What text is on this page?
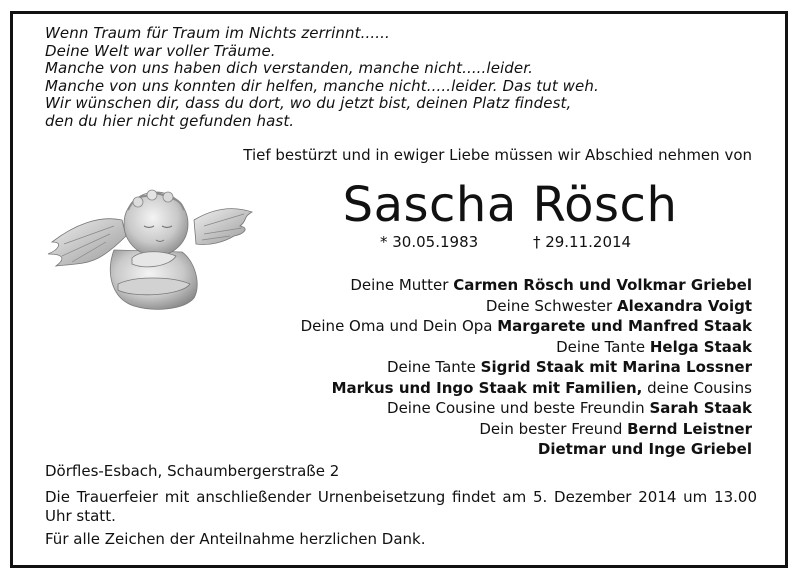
Wenn Traum für Traum im Nichts zerrinnt......
Deine Welt war voller Träume.
Manche von uns haben dich verstanden, manche nicht.....leider.
Manche von uns konnten dir helfen, manche nicht.....leider. Das tut weh.
Wir wünschen dir, dass du dort, wo du jetzt bist, deinen Platz findest,
den du hier nicht gefunden hast.
Tief bestürzt und in ewiger Liebe müssen wir Abschied nehmen von
Sascha Rösch
* 30.05.1983	† 29.11.2014
Deine Mutter Carmen Rösch und Volkmar Griebel
Deine Schwester Alexandra Voigt
Deine Oma und Dein Opa Margarete und Manfred Staak
Deine Tante Helga Staak
Deine Tante Sigrid Staak mit Marina Lossner
Markus und Ingo Staak mit Familien, deine Cousins
Deine Cousine und beste Freundin Sarah Staak
Dein bester Freund Bernd Leistner
Dietmar und Inge Griebel
Dörfles-Esbach, Schaumbergerstraße 2
Die Trauerfeier mit anschließender Urnenbeisetzung findet am 5. Dezember 2014 um 13.00 Uhr statt.
Für alle Zeichen der Anteilnahme herzlichen Dank.
